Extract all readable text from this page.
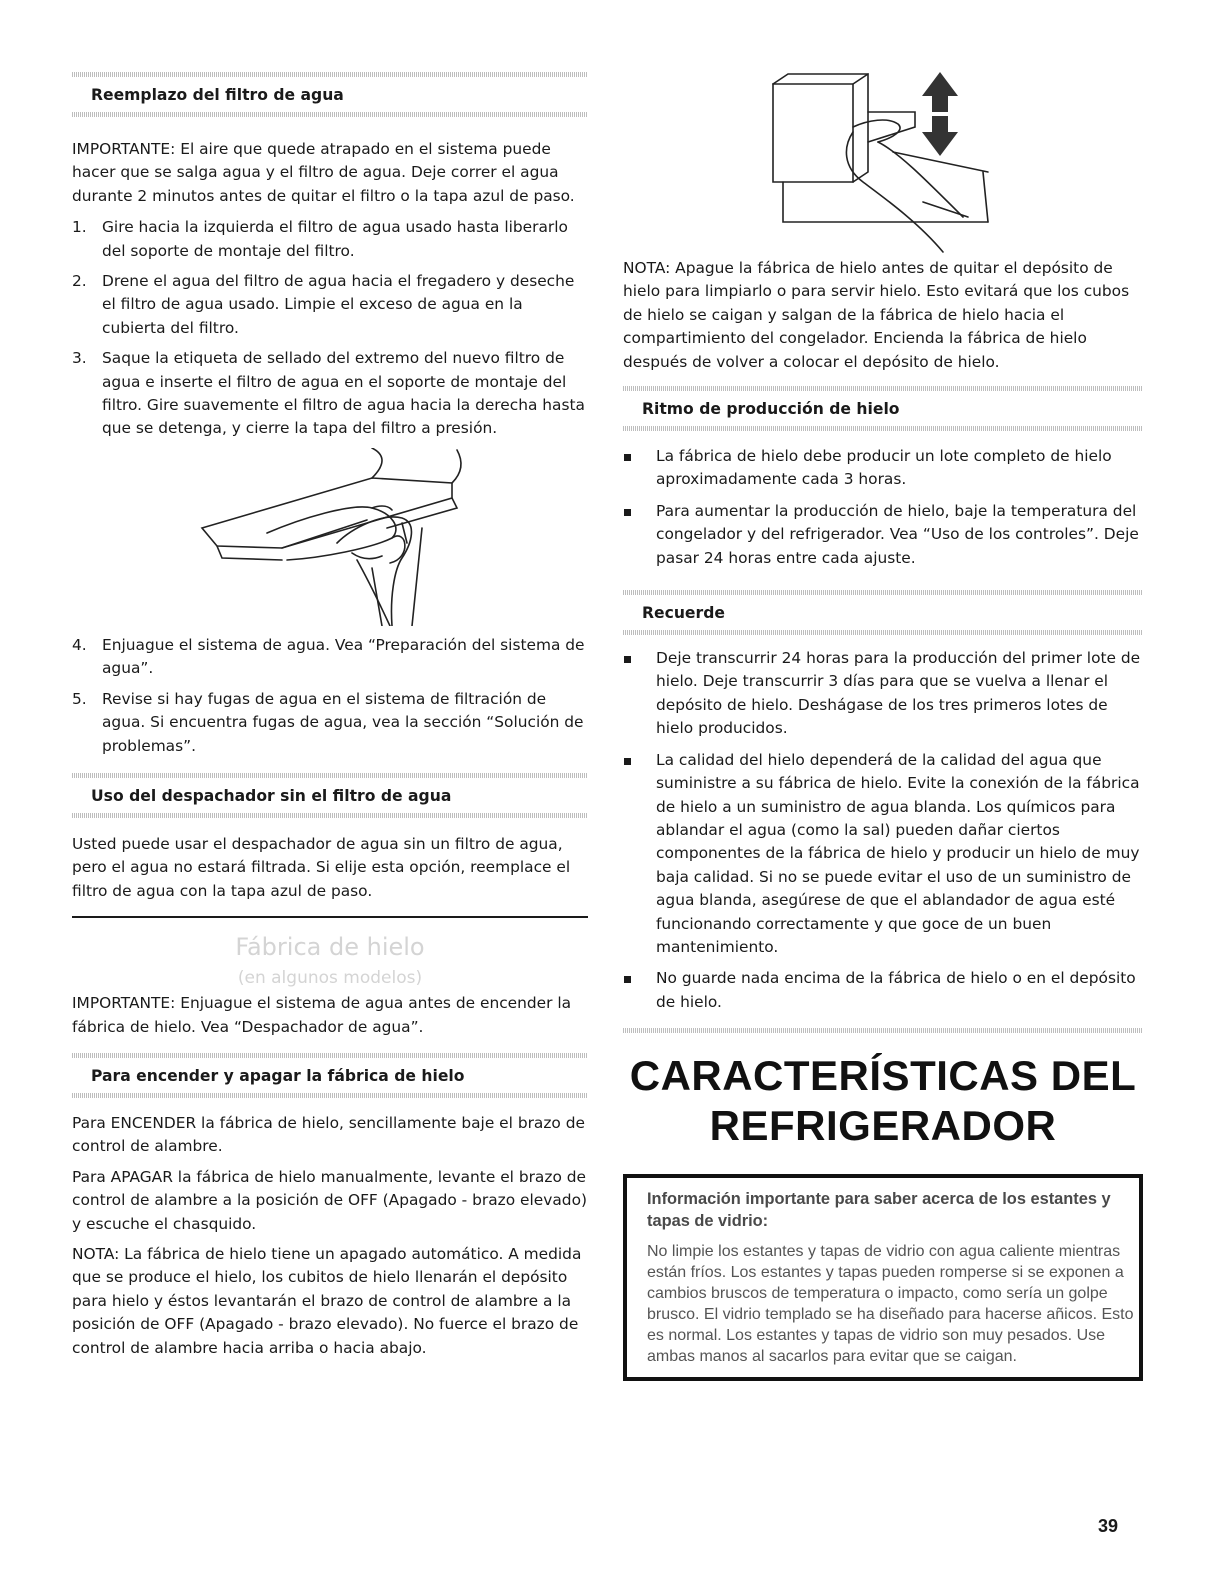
Reemplazo del filtro de agua

IMPORTANTE: El aire que quede atrapado en el sistema puede hacer que se salga agua y el filtro de agua. Deje correr el agua durante 2 minutos antes de quitar el filtro o la tapa azul de paso.

1. Gire hacia la izquierda el filtro de agua usado hasta liberarlo del soporte de montaje del filtro.

2. Drene el agua del filtro de agua hacia el fregadero y deseche el filtro de agua usado. Limpie el exceso de agua en la cubierta del filtro.

3. Saque la etiqueta de sellado del extremo del nuevo filtro de agua e inserte el filtro de agua en el soporte de montaje del filtro. Gire suavemente el filtro de agua hacia la derecha hasta que se detenga, y cierre la tapa del filtro a presión.

4. Enjuague el sistema de agua. Vea “Preparación del sistema de agua”.

5. Revise si hay fugas de agua en el sistema de filtración de agua. Si encuentra fugas de agua, vea la sección “Solución de problemas”.

Uso del despachador sin el filtro de agua

Usted puede usar el despachador de agua sin un filtro de agua, pero el agua no estará filtrada. Si elije esta opción, reemplace el filtro de agua con la tapa azul de paso.

Fábrica de hielo
(en algunos modelos)

IMPORTANTE: Enjuague el sistema de agua antes de encender la fábrica de hielo. Vea “Despachador de agua”.

Para encender y apagar la fábrica de hielo

Para ENCENDER la fábrica de hielo, sencillamente baje el brazo de control de alambre.

Para APAGAR la fábrica de hielo manualmente, levante el brazo de control de alambre a la posición de OFF (Apagado - brazo elevado) y escuche el chasquido.

NOTA: La fábrica de hielo tiene un apagado automático. A medida que se produce el hielo, los cubitos de hielo llenarán el depósito para hielo y éstos levantarán el brazo de control de alambre a la posición de OFF (Apagado - brazo elevado). No fuerce el brazo de control de alambre hacia arriba o hacia abajo.

NOTA: Apague la fábrica de hielo antes de quitar el depósito de hielo para limpiarlo o para servir hielo. Esto evitará que los cubos de hielo se caigan y salgan de la fábrica de hielo hacia el compartimiento del congelador. Encienda la fábrica de hielo después de volver a colocar el depósito de hielo.

Ritmo de producción de hielo

La fábrica de hielo debe producir un lote completo de hielo aproximadamente cada 3 horas.

Para aumentar la producción de hielo, baje la temperatura del congelador y del refrigerador. Vea “Uso de los controles”. Deje pasar 24 horas entre cada ajuste.

Recuerde

Deje transcurrir 24 horas para la producción del primer lote de hielo. Deje transcurrir 3 días para que se vuelva a llenar el depósito de hielo. Deshágase de los tres primeros lotes de hielo producidos.

La calidad del hielo dependerá de la calidad del agua que suministre a su fábrica de hielo. Evite la conexión de la fábrica de hielo a un suministro de agua blanda. Los químicos para ablandar el agua (como la sal) pueden dañar ciertos componentes de la fábrica de hielo y producir un hielo de muy baja calidad. Si no se puede evitar el uso de un suministro de agua blanda, asegúrese de que el ablandador de agua esté funcionando correctamente y que goce de un buen mantenimiento.

No guarde nada encima de la fábrica de hielo o en el depósito de hielo.

CARACTERÍSTICAS DEL
REFRIGERADOR
Información importante para saber acerca de los estantes y tapas de vidrio:
No limpie los estantes y tapas de vidrio con agua caliente mientras están fríos. Los estantes y tapas pueden romperse si se exponen a cambios bruscos de temperatura o impacto, como sería un golpe brusco. El vidrio templado se ha diseñado para hacerse añicos. Esto es normal. Los estantes y tapas de vidrio son muy pesados. Use ambas manos al sacarlos para evitar que se caigan.
39
